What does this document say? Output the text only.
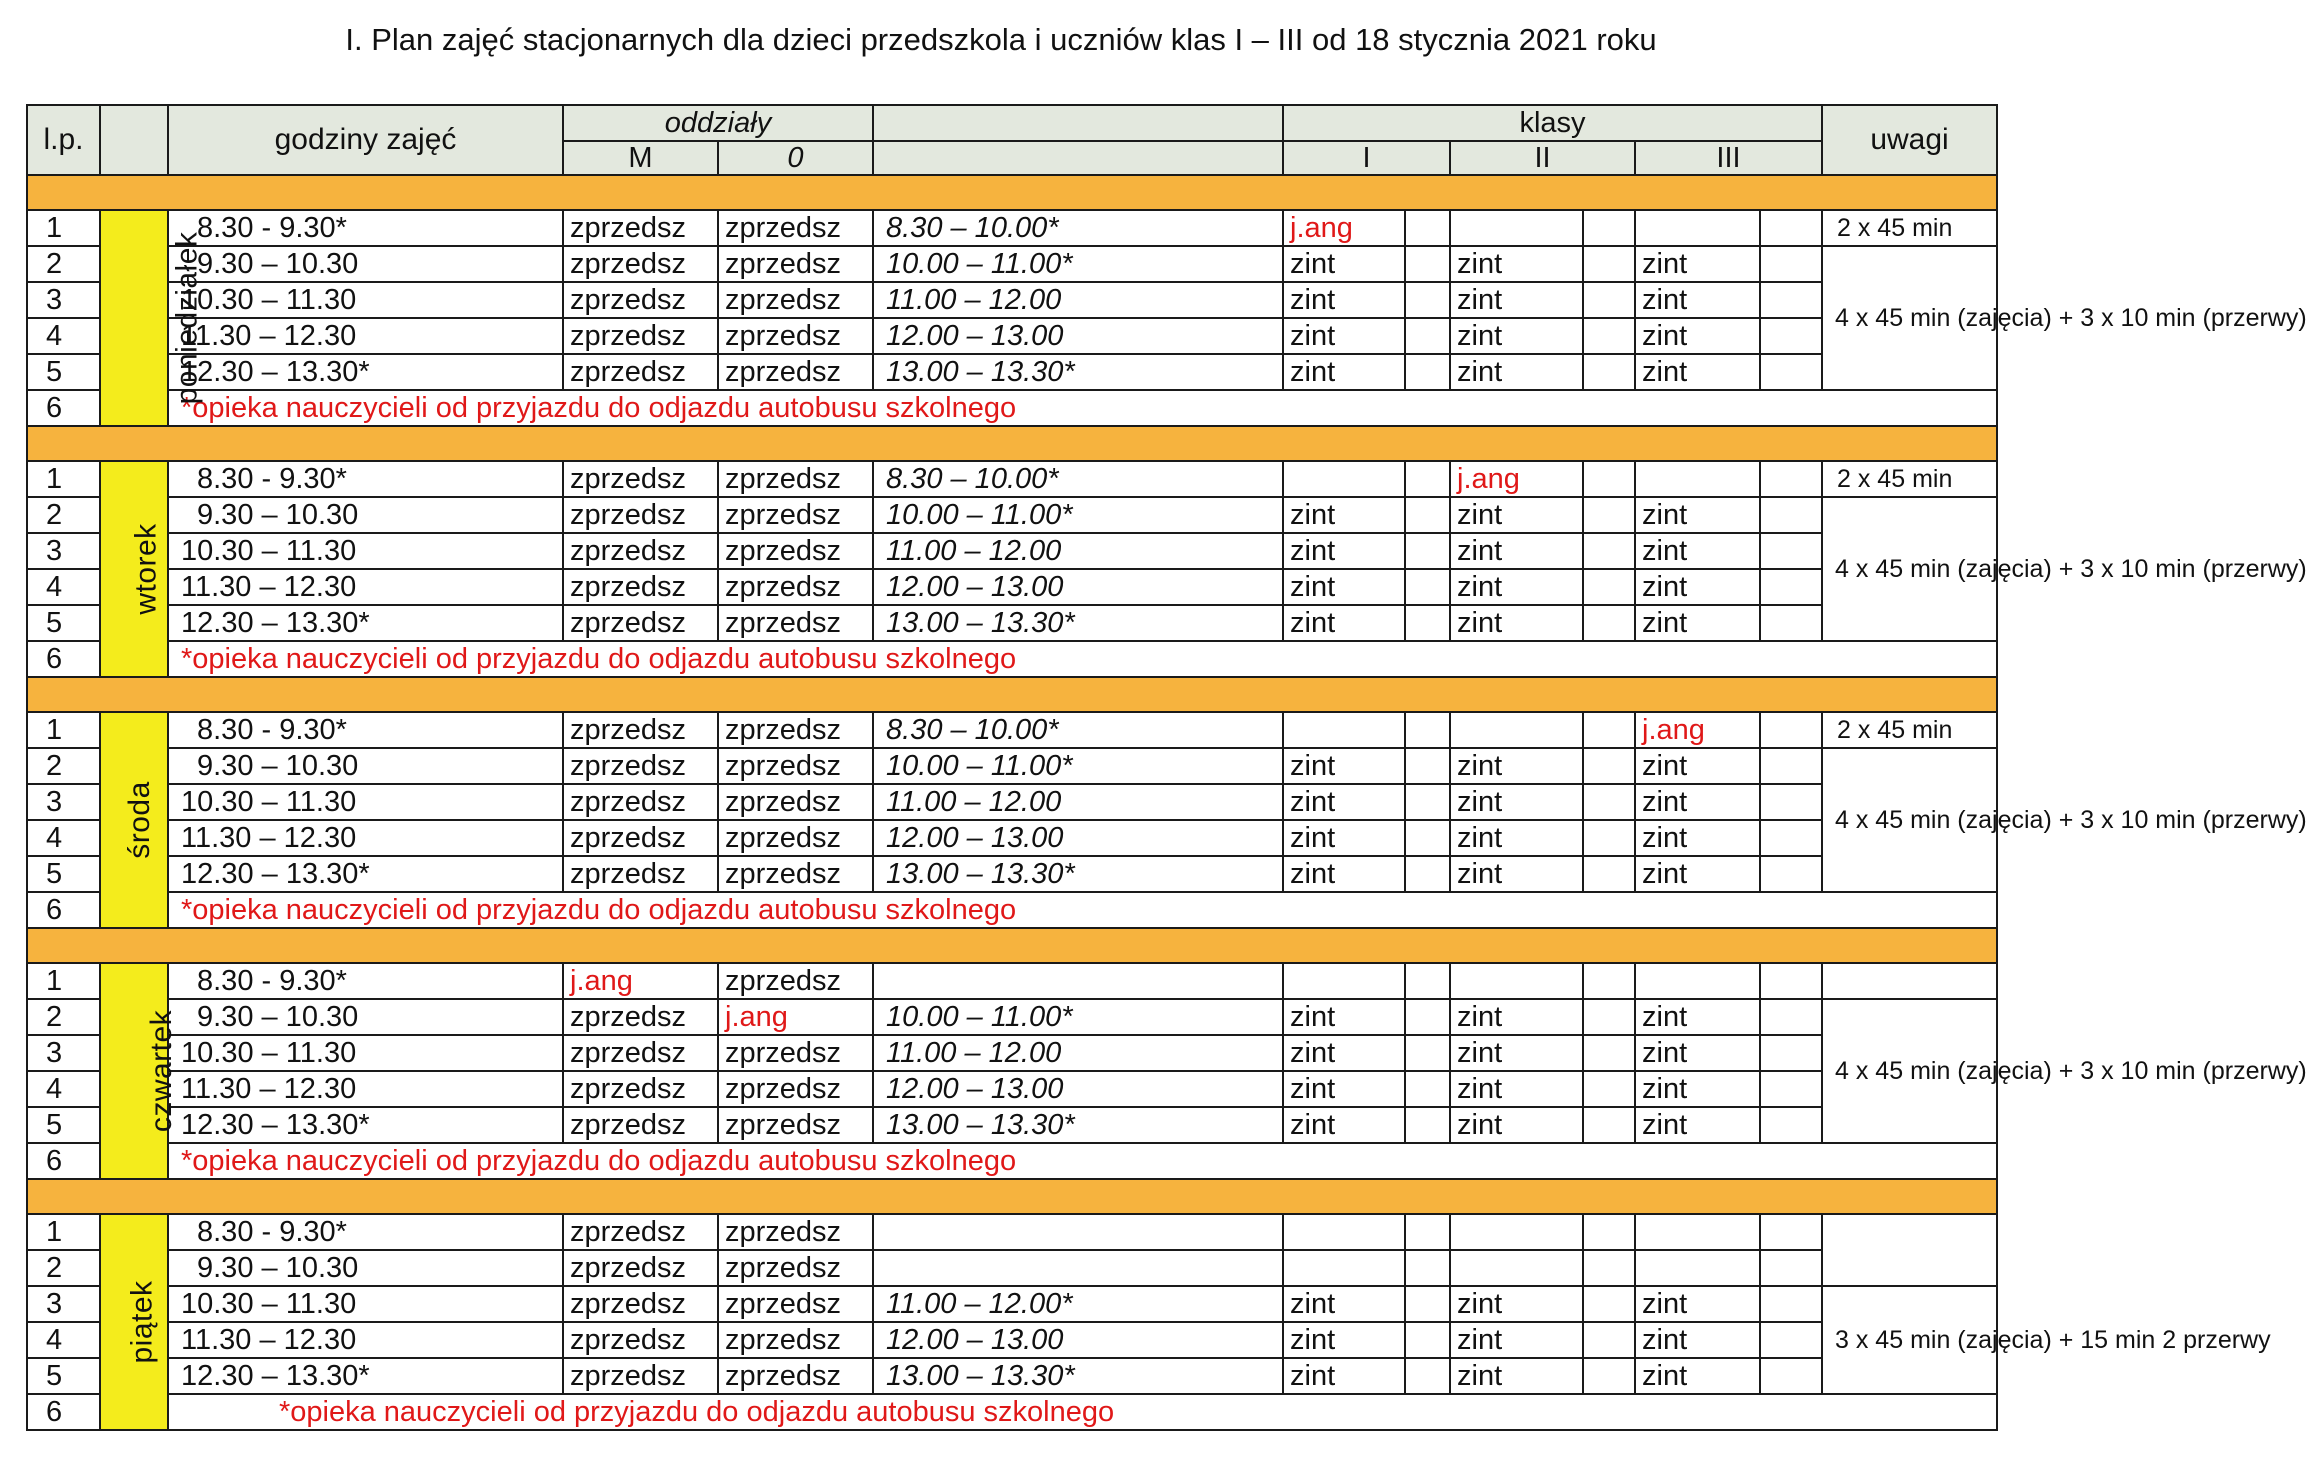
I. Plan zajęć stacjonarnych dla dzieci przedszkola i uczniów klas I – III od 18 stycznia 2021 roku
l.p.		godziny zajęć	oddziały			klasy						uwagi
			M	0		I		II		III		

1	poniedziałek	8.30 - 9.30*	zprzedsz	zprzedsz	8.30 – 10.00*	j.ang						2 x 45 min
2		9.30 – 10.30	zprzedsz	zprzedsz	10.00 – 11.00*	zint		zint		zint		4 x 45 min (zajęcia) + 3 x 10 min (przerwy)
3		10.30 – 11.30	zprzedsz	zprzedsz	11.00 – 12.00	zint		zint		zint		
4		11.30 – 12.30	zprzedsz	zprzedsz	12.00 – 13.00	zint		zint		zint		
5		12.30 – 13.30*	zprzedsz	zprzedsz	13.00 – 13.30*	zint		zint		zint		
6		*opieka nauczycieli od przyjazdu do odjazdu autobusu szkolnego										

1	wtorek	8.30 - 9.30*	zprzedsz	zprzedsz	8.30 – 10.00*			j.ang				2 x 45 min
2		9.30 – 10.30	zprzedsz	zprzedsz	10.00 – 11.00*	zint		zint		zint		4 x 45 min (zajęcia) + 3 x 10 min (przerwy)
3		10.30 – 11.30	zprzedsz	zprzedsz	11.00 – 12.00	zint		zint		zint		
4		11.30 – 12.30	zprzedsz	zprzedsz	12.00 – 13.00	zint		zint		zint		
5		12.30 – 13.30*	zprzedsz	zprzedsz	13.00 – 13.30*	zint		zint		zint		
6		*opieka nauczycieli od przyjazdu do odjazdu autobusu szkolnego										

1	środa	8.30 - 9.30*	zprzedsz	zprzedsz	8.30 – 10.00*					j.ang		2 x 45 min
2		9.30 – 10.30	zprzedsz	zprzedsz	10.00 – 11.00*	zint		zint		zint		4 x 45 min (zajęcia) + 3 x 10 min (przerwy)
3		10.30 – 11.30	zprzedsz	zprzedsz	11.00 – 12.00	zint		zint		zint		
4		11.30 – 12.30	zprzedsz	zprzedsz	12.00 – 13.00	zint		zint		zint		
5		12.30 – 13.30*	zprzedsz	zprzedsz	13.00 – 13.30*	zint		zint		zint		
6		*opieka nauczycieli od przyjazdu do odjazdu autobusu szkolnego										

1	czwartek	8.30 - 9.30*	j.ang	zprzedsz								
2		9.30 – 10.30	zprzedsz	j.ang	10.00 – 11.00*	zint		zint		zint		4 x 45 min (zajęcia) + 3 x 10 min (przerwy)
3		10.30 – 11.30	zprzedsz	zprzedsz	11.00 – 12.00	zint		zint		zint		
4		11.30 – 12.30	zprzedsz	zprzedsz	12.00 – 13.00	zint		zint		zint		
5		12.30 – 13.30*	zprzedsz	zprzedsz	13.00 – 13.30*	zint		zint		zint		
6		*opieka nauczycieli od przyjazdu do odjazdu autobusu szkolnego										

1	piątek	8.30 - 9.30*	zprzedsz	zprzedsz								
2		9.30 – 10.30	zprzedsz	zprzedsz								
3		10.30 – 11.30	zprzedsz	zprzedsz	11.00 – 12.00*	zint		zint		zint		3 x 45 min (zajęcia) + 15 min 2 przerwy
4		11.30 – 12.30	zprzedsz	zprzedsz	12.00 – 13.00	zint		zint		zint		
5		12.30 – 13.30*	zprzedsz	zprzedsz	13.00 – 13.30*	zint		zint		zint		
6		*opieka nauczycieli od przyjazdu do odjazdu autobusu szkolnego										
